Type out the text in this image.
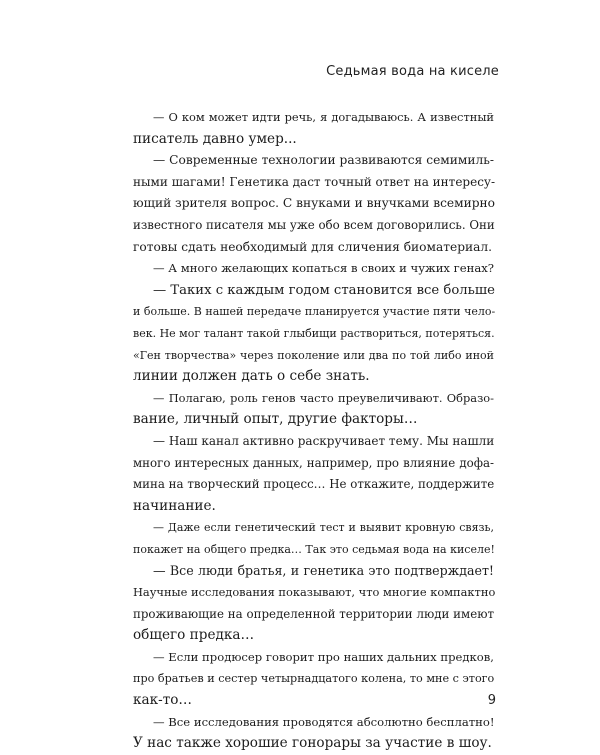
Седьмая вода на киселе
— О ком может идти речь, я догадываюсь. А известный
писатель давно умер...
— Современные технологии развиваются семимиль-
ными шагами! Генетика даст точный ответ на интересу-
ющий зрителя вопрос. С внуками и внучками всемирно
известного писателя мы уже обо всем договорились. Они
готовы сдать необходимый для сличения биоматериал.
— А много желающих копаться в своих и чужих генах?
— Таких с каждым годом становится все больше
и больше. В нашей передаче планируется участие пяти чело-
век. Не мог талант такой глыбищи раствориться, потеряться.
«Ген творчества» через поколение или два по той либо иной
линии должен дать о себе знать.
— Полагаю, роль генов часто преувеличивают. Образо-
вание, личный опыт, другие факторы…
— Наш канал активно раскручивает тему. Мы нашли
много интересных данных, например, про влияние дофа-
мина на творческий процесс… Не откажите, поддержите
начинание.
— Даже если генетический тест и выявит кровную связь,
покажет на общего предка… Так это седьмая вода на киселе!
— Все люди братья, и генетика это подтверждает!
Научные исследования показывают, что многие компактно
проживающие на определенной территории люди имеют
общего предка…
— Если продюсер говорит про наших дальних предков,
про братьев и сестер четырнадцатого колена, то мне с этого
как-то…
— Все исследования проводятся абсолютно бесплатно!
У нас также хорошие гонорары за участие в шоу.
9
